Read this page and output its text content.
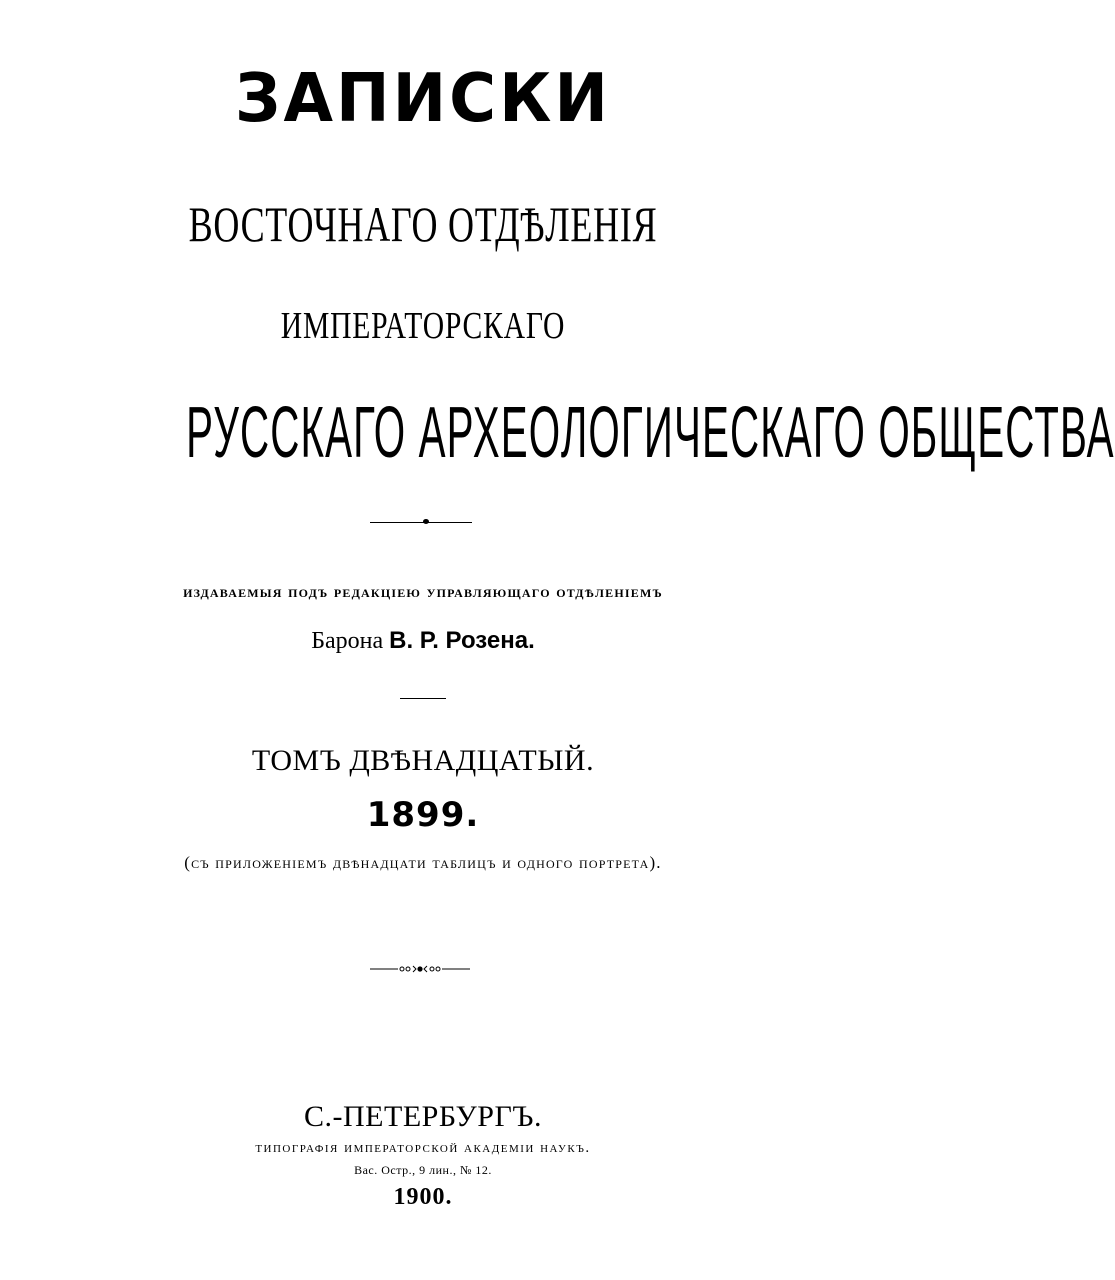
ЗАПИСКИ
ВОСТОЧНАГО ОТДѢЛЕНІЯ
ИМПЕРАТОРСКАГО
РУССКАГО АРХЕОЛОГИЧЕСКАГО ОБЩЕСТВА
издаваемыя подъ редакціею управляющаго отдѣленіемъ
Барона В. Р. Розена.
ТОМЪ ДВѢНАДЦАТЫЙ.
1899.
(съ приложеніемъ двѣнадцати таблицъ и одного портрета).
С.-ПЕТЕРБУРГЪ.
типографія императорской академіи наукъ.
Вас. Остр., 9 лин., № 12.
1900.
